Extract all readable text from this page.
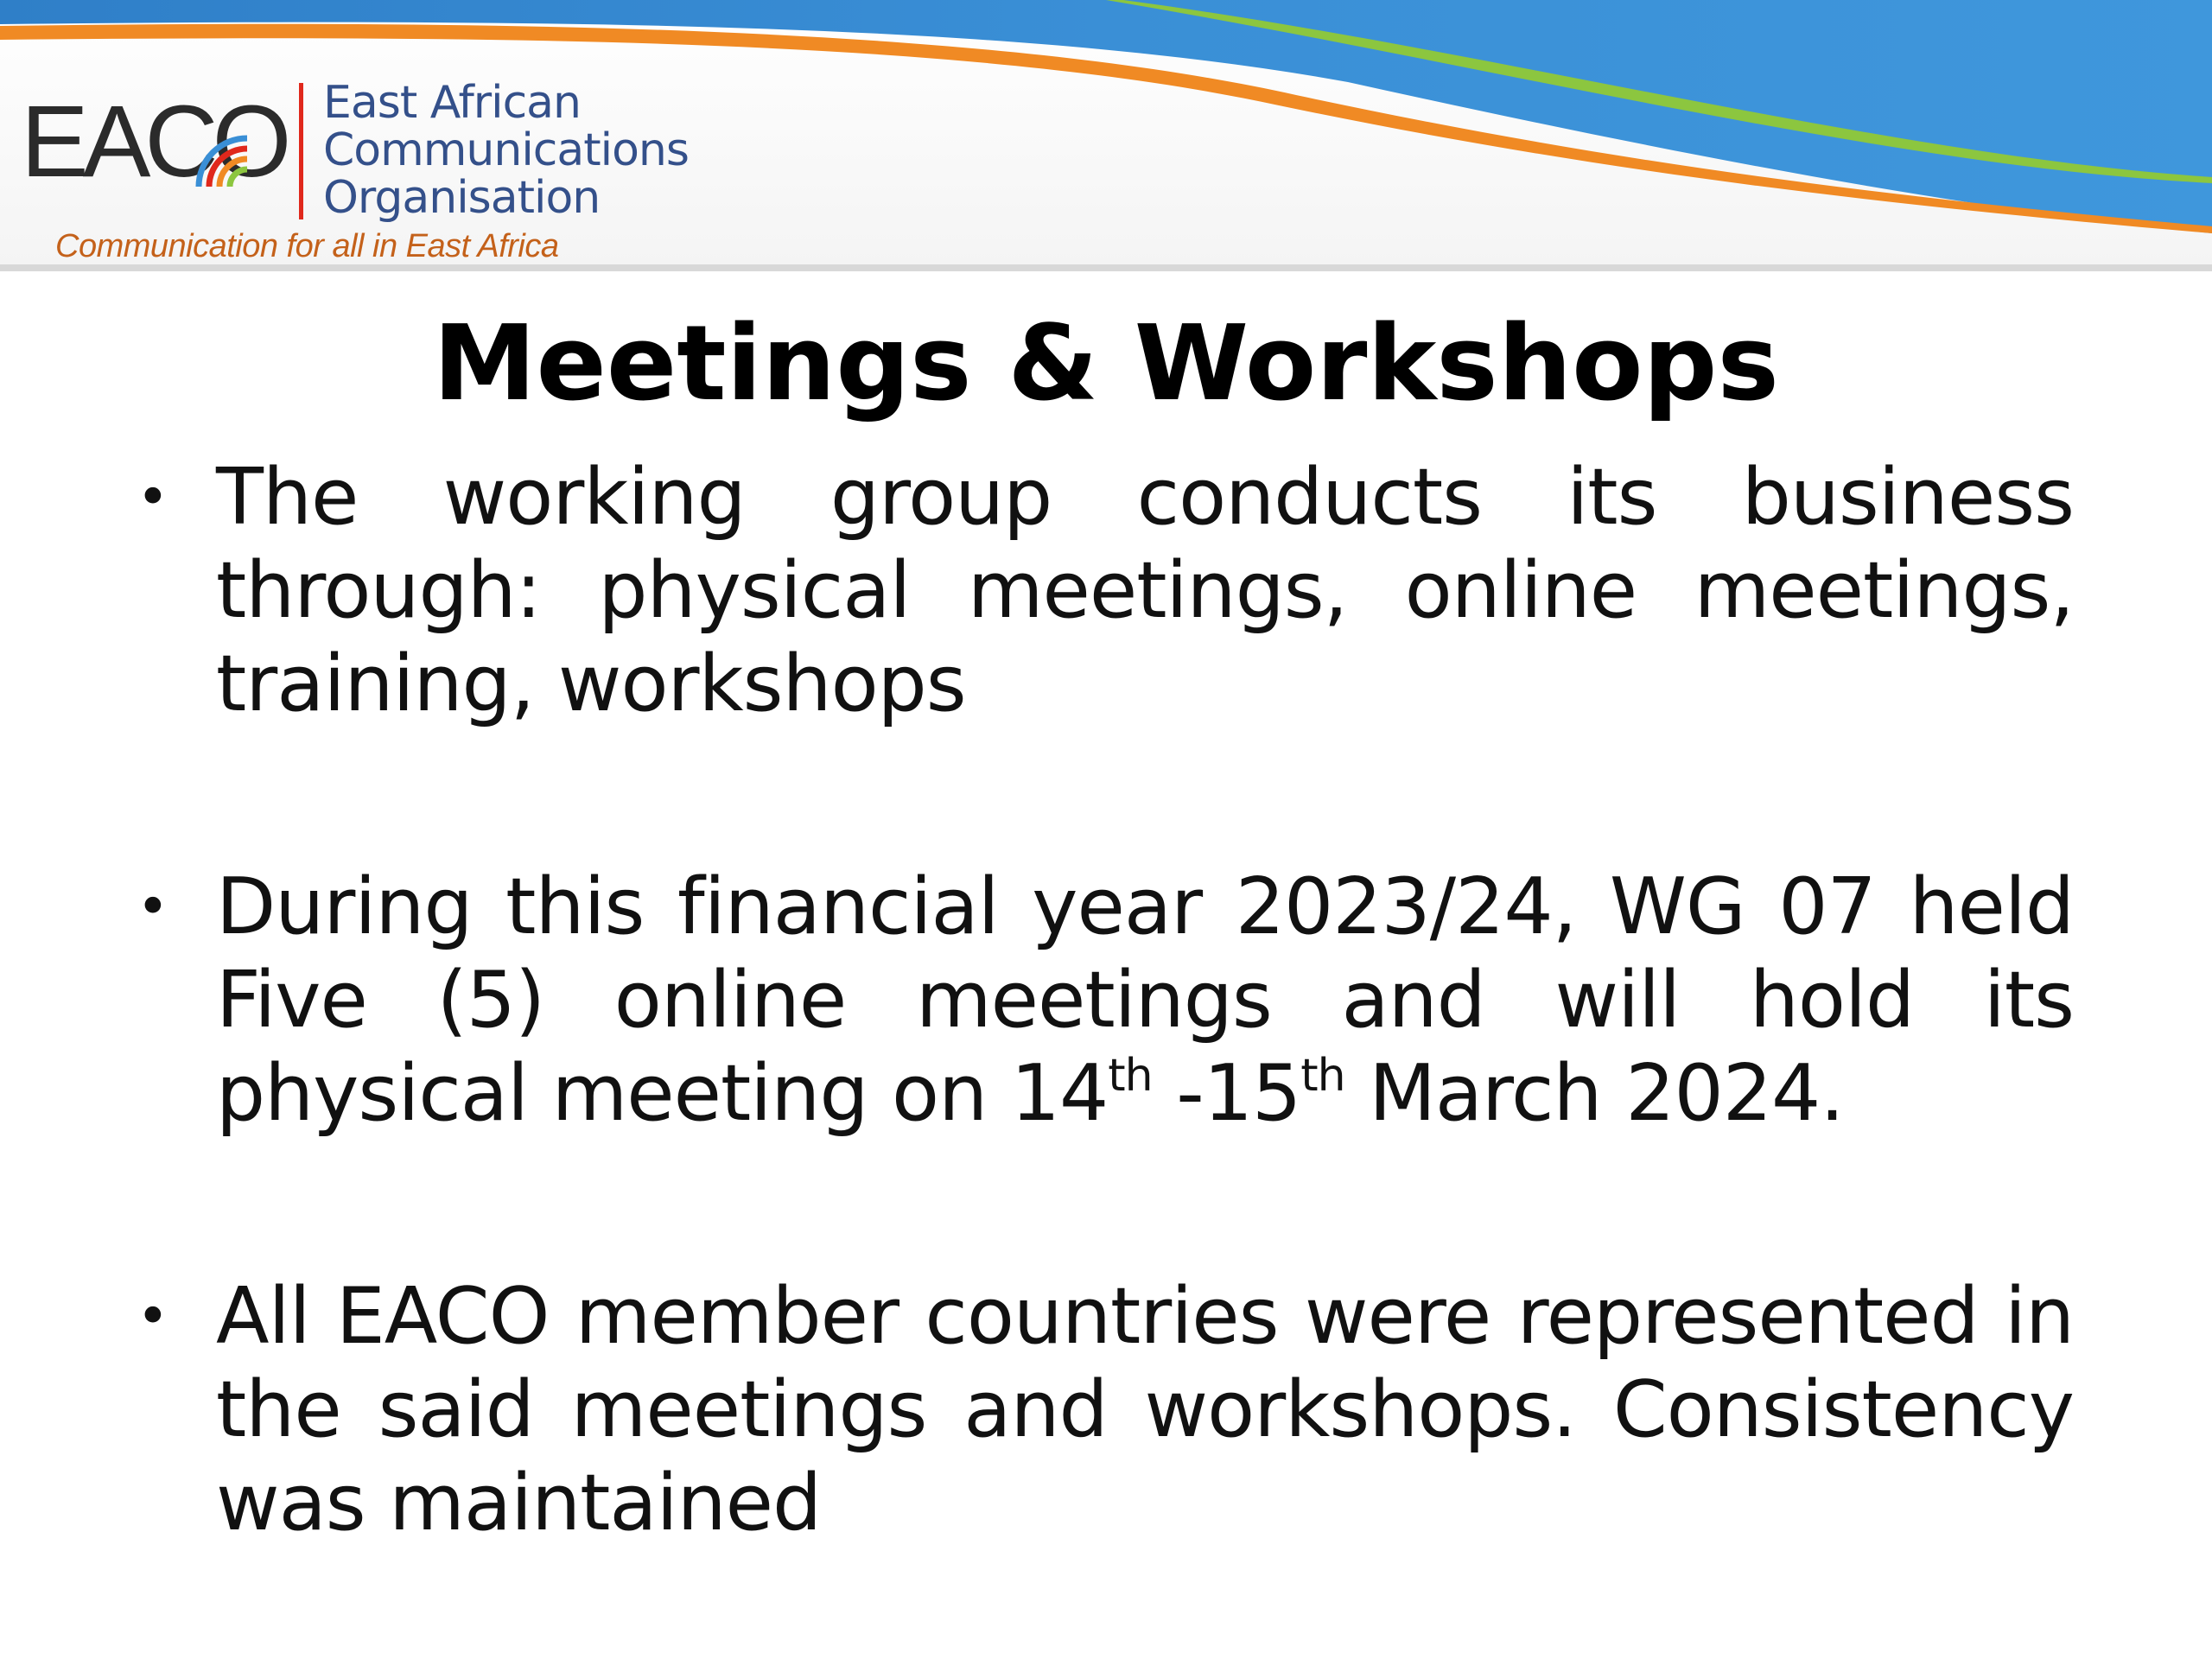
EACO East African
Communications
Organisation
Communication for all in East Africa
Meetings & Workshops
• The working group conducts its business through: physical meetings, online meetings, training, workshops
• During this financial year 2023/24, WG 07 held Five (5) online meetings and will hold its physical meeting on 14th -15th March 2024.
• All EACO member countries were represented in the said meetings and workshops. Consistency was maintained
